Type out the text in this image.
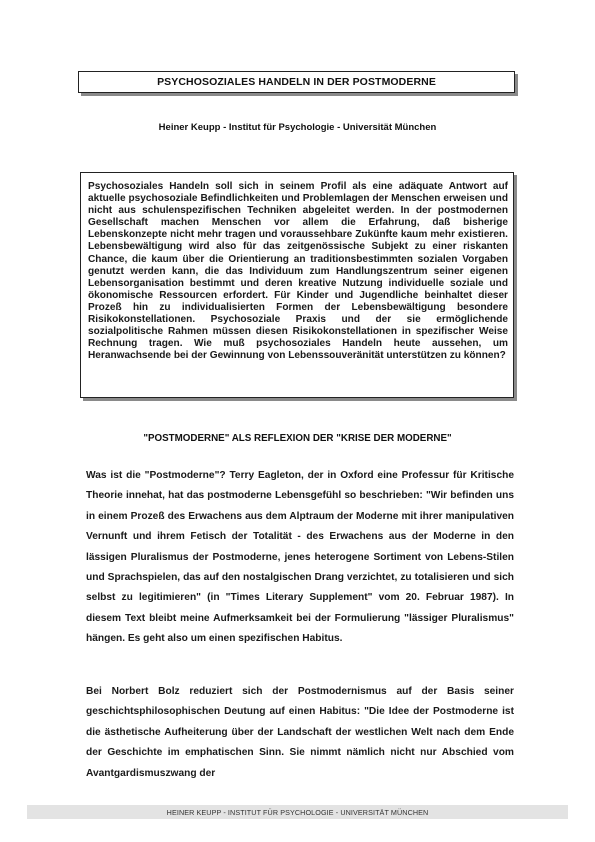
PSYCHOSOZIALES HANDELN IN DER POSTMODERNE
Heiner Keupp - Institut für Psychologie - Universität München

Psychosoziales Handeln soll sich in seinem Profil als eine adäquate Antwort auf aktuelle psychosoziale Befindlichkeiten und Problemlagen der Menschen erweisen und nicht aus schulenspezifischen Techniken abgeleitet werden. In der postmodernen Gesellschaft machen Menschen vor allem die Erfahrung, daß bisherige Lebenskonzepte nicht mehr tragen und voraussehbare Zukünfte kaum mehr existieren. Lebensbewältigung wird also für das zeitgenössische Subjekt zu einer riskanten Chance, die kaum über die Orientierung an traditionsbestimmten sozialen Vorgaben genutzt werden kann, die das Individuum zum Handlungszentrum seiner eigenen Lebensorganisation bestimmt und deren kreative Nutzung individuelle soziale und ökonomische Ressourcen erfordert. Für Kinder und Jugendliche beinhaltet dieser Prozeß hin zu individualisierten Formen der Lebensbewältigung besondere Risikokonstellationen. Psychosoziale Praxis und der sie ermöglichende sozialpolitische Rahmen müssen diesen Risikokonstellationen in spezifischer Weise Rechnung tragen. Wie muß psychosoziales Handeln heute aussehen, um Heranwachsende bei der Gewinnung von Lebenssouveränität unterstützen zu können?

"POSTMODERNE" ALS REFLEXION DER "KRISE DER MODERNE"

Was ist die "Postmoderne"? Terry Eagleton, der in Oxford eine Professur für Kritische Theorie innehat, hat das postmoderne Lebensgefühl so beschrieben: "Wir befinden uns in einem Prozeß des Erwachens aus dem Alptraum der Moderne mit ihrer manipulativen Vernunft und ihrem Fetisch der Totalität - des Erwachens aus der Moderne in den lässigen Pluralismus der Postmoderne, jenes heterogene Sortiment von Lebens-Stilen und Sprachspielen, das auf den nostalgischen Drang verzichtet, zu totalisieren und sich selbst zu legitimieren" (in "Times Literary Supplement" vom 20. Februar 1987). In diesem Text bleibt meine Aufmerksamkeit bei der Formulierung "lässiger Pluralismus" hängen. Es geht also um einen spezifischen Habitus.

Bei Norbert Bolz reduziert sich der Postmodernismus auf der Basis seiner geschichtsphilosophischen Deutung auf einen Habitus: "Die Idee der Postmoderne ist die ästhetische Aufheiterung über der Landschaft der westlichen Welt nach dem Ende der Geschichte im emphatischen Sinn. Sie nimmt nämlich nicht nur Abschied vom Avantgardismuszwang der

HEINER KEUPP - INSTITUT FÜR PSYCHOLOGIE - UNIVERSITÄT MÜNCHEN
